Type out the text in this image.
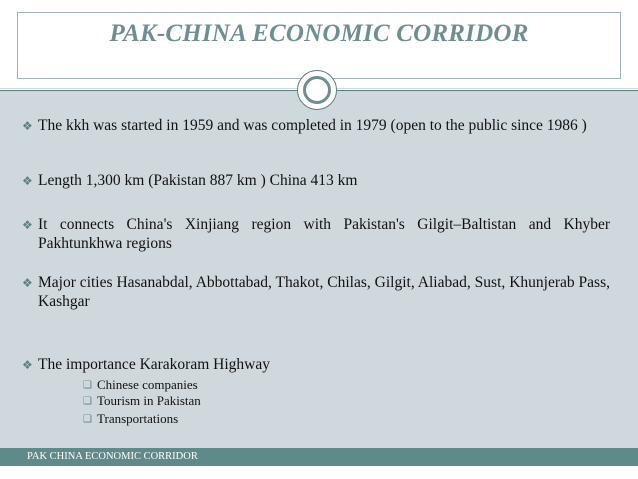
PAK-CHINA ECONOMIC CORRIDOR
❖ The kkh was started in 1959 and was completed in 1979 (open to the public since 1986 )
❖ Length 1,300 km (Pakistan 887 km ) China 413 km
❖ It connects China's Xinjiang region with Pakistan's Gilgit–Baltistan and Khyber Pakhtunkhwa regions
❖ Major cities Hasanabdal, Abbottabad, Thakot, Chilas, Gilgit, Aliabad, Sust, Khunjerab Pass, Kashgar
❖ The importance Karakoram Highway
❑ Chinese companies
❑ Tourism in Pakistan
❑ Transportations
PAK CHINA ECONOMIC CORRIDOR
